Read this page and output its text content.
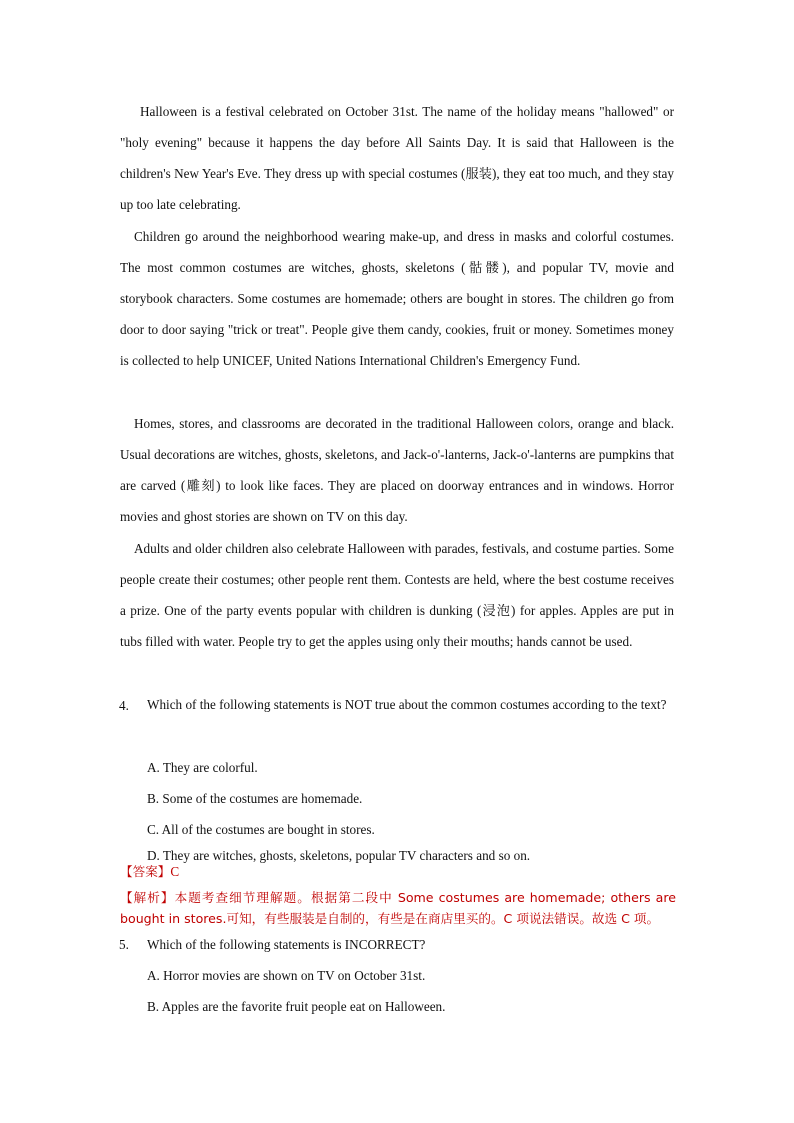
Halloween is a festival celebrated on October 31st. The name of the holiday means "hallowed" or "holy evening" because it happens the day before All Saints Day. It is said that Halloween is the children's New Year's Eve. They dress up with special costumes (服装), they eat too much, and they stay up too late celebrating.

Children go around the neighborhood wearing make-up, and dress in masks and colorful costumes. The most common costumes are witches, ghosts, skeletons (骷髅), and popular TV, movie and storybook characters. Some costumes are homemade; others are bought in stores. The children go from door to door saying "trick or treat". People give them candy, cookies, fruit or money. Sometimes money is collected to help UNICEF, United Nations International Children's Emergency Fund.

Homes, stores, and classrooms are decorated in the traditional Halloween colors, orange and black. Usual decorations are witches, ghosts, skeletons, and Jack-o'-lanterns, Jack-o'-lanterns are pumpkins that are carved (雕刻) to look like faces. They are placed on doorway entrances and in windows. Horror movies and ghost stories are shown on TV on this day.

Adults and older children also celebrate Halloween with parades, festivals, and costume parties. Some people create their costumes; other people rent them. Contests are held, where the best costume receives a prize. One of the party events popular with children is dunking (浸泡) for apples. Apples are put in tubs filled with water. People try to get the apples using only their mouths; hands cannot be used.

4. Which of the following statements is NOT true about the common costumes according to the text?
A. They are colorful.
B. Some of the costumes are homemade.
C. All of the costumes are bought in stores.
D. They are witches, ghosts, skeletons, popular TV characters and so on.
【答案】C
【解析】本题考查细节理解题。根据第二段中 Some costumes are homemade; others are bought in stores.可知，有些服装是自制的，有些是在商店里买的。C 项说法错误。故选 C 项。
5. Which of the following statements is INCORRECT?
A. Horror movies are shown on TV on October 31st.
B. Apples are the favorite fruit people eat on Halloween.
